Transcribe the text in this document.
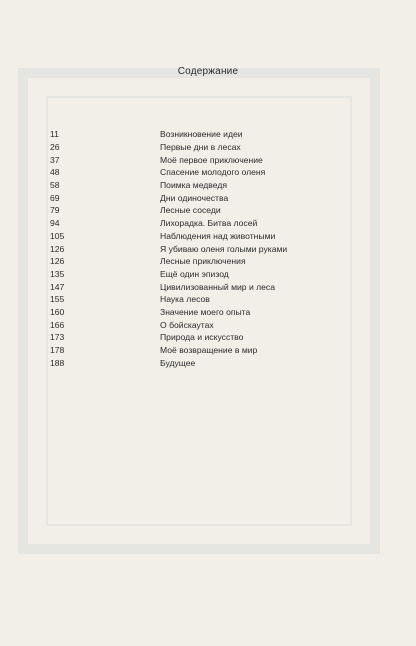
Содержание
11	Возникновение идеи
26	Первые дни в лесах
37	Моё первое приключение
48	Спасение молодого оленя
58	Поимка медведя
69	Дни одиночества
79	Лесные соседи
94	Лихорадка. Битва лосей
105	Наблюдения над животными
126	Я убиваю оленя голыми руками
126	Лесные приключения
135	Ещё один эпизод
147	Цивилизованный мир и леса
155	Наука лесов
160	Значение моего опыта
166	О бойскаутах
173	Природа и искусство
178	Моё возвращение в мир
188	Будущее
